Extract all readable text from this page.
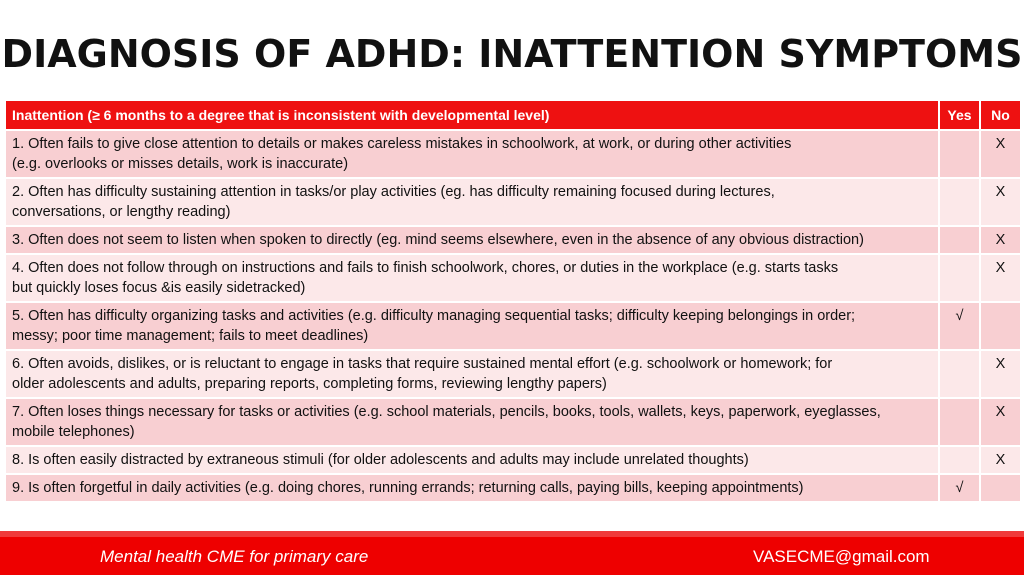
DIAGNOSIS OF ADHD: INATTENTION SYMPTOMS
Inattention (≥ 6 months to a degree that is inconsistent with developmental level)	Yes	No
1. Often fails to give close attention to details or makes careless mistakes in schoolwork, at work, or during other activities
(e.g. overlooks or misses details, work is inaccurate)		X
2. Often has difficulty sustaining attention in tasks/or play activities (eg. has difficulty remaining focused during lectures,
conversations, or lengthy reading)		X
3. Often does not seem to listen when spoken to directly (eg. mind seems elsewhere, even in the absence of any obvious distraction)		X
4. Often does not follow through on instructions and fails to finish schoolwork, chores, or duties in the workplace (e.g. starts tasks
but quickly loses focus &is easily sidetracked)		X
5. Often has difficulty organizing tasks and activities (e.g. difficulty managing sequential tasks; difficulty keeping belongings in order;
messy; poor time management; fails to meet deadlines)	√	
6. Often avoids, dislikes, or is reluctant to engage in tasks that require sustained mental effort (e.g. schoolwork or homework; for
older adolescents and adults, preparing reports, completing forms, reviewing lengthy papers)		X
7. Often loses things necessary for tasks or activities (e.g. school materials, pencils, books, tools, wallets, keys, paperwork, eyeglasses,
mobile telephones)		X
8. Is often easily distracted by extraneous stimuli (for older adolescents and adults may include unrelated thoughts)		X
9. Is often forgetful in daily activities (e.g. doing chores, running errands; returning calls, paying bills, keeping appointments)	√	
Mental health CME for primary care	VASECME@gmail.com
